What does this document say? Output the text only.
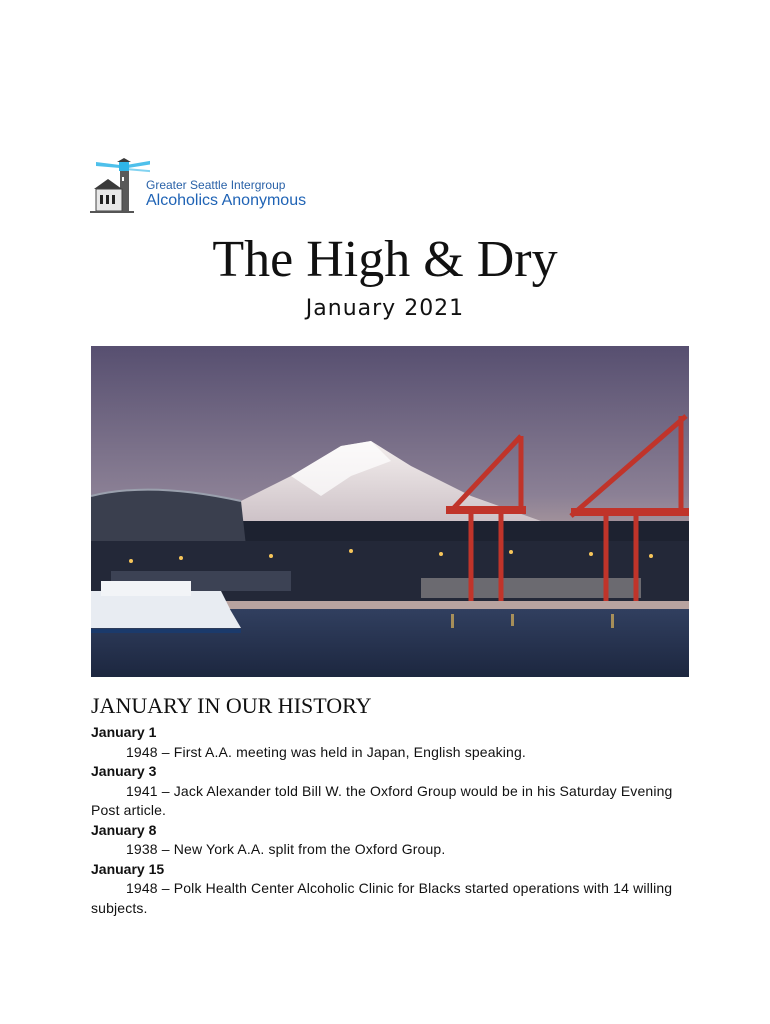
Greater Seattle Intergroup
Alcoholics Anonymous
The High & Dry
January 2021
JANUARY IN OUR HISTORY
January 1
1948 – First A.A. meeting was held in Japan, English speaking.
January 3
1941 – Jack Alexander told Bill W. the Oxford Group would be in his Saturday Evening Post article.
January 8
1938 – New York A.A. split from the Oxford Group.
January 15
1948 – Polk Health Center Alcoholic Clinic for Blacks started operations with 14 willing subjects.
